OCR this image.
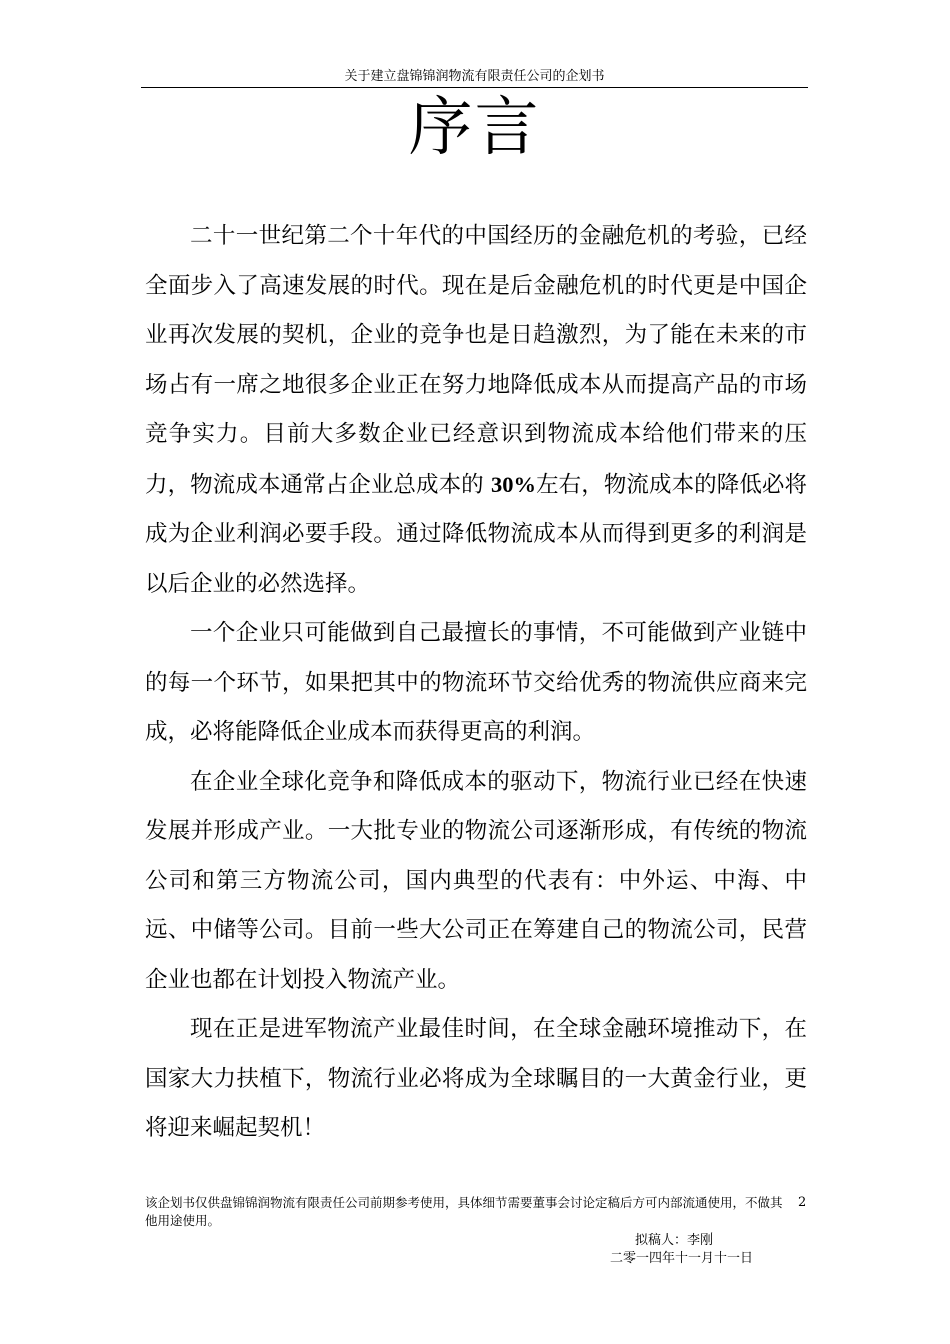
关于建立盘锦锦润物流有限责任公司的企划书
序言

二十一世纪第二个十年代的中国经历的金融危机的考验，已经全面步入了高速发展的时代。现在是后金融危机的时代更是中国企业再次发展的契机，企业的竞争也是日趋激烈，为了能在未来的市场占有一席之地很多企业正在努力地降低成本从而提高产品的市场竞争实力。目前大多数企业已经意识到物流成本给他们带来的压力，物流成本通常占企业总成本的 30%左右，物流成本的降低必将成为企业利润必要手段。通过降低物流成本从而得到更多的利润是以后企业的必然选择。

一个企业只可能做到自己最擅长的事情，不可能做到产业链中的每一个环节，如果把其中的物流环节交给优秀的物流供应商来完成，必将能降低企业成本而获得更高的利润。

在企业全球化竞争和降低成本的驱动下，物流行业已经在快速发展并形成产业。一大批专业的物流公司逐渐形成，有传统的物流公司和第三方物流公司，国内典型的代表有：中外运、中海、中远、中储等公司。目前一些大公司正在筹建自己的物流公司，民营企业也都在计划投入物流产业。

现在正是进军物流产业最佳时间，在全球金融环境推动下，在国家大力扶植下，物流行业必将成为全球瞩目的一大黄金行业，更将迎来崛起契机！

该企划书仅供盘锦锦润物流有限责任公司前期参考使用，具体细节需要董事会讨论定稿后方可内部流通使用，不做其他用途使用。
2
拟稿人：李刚
二零一四年十一月十一日
